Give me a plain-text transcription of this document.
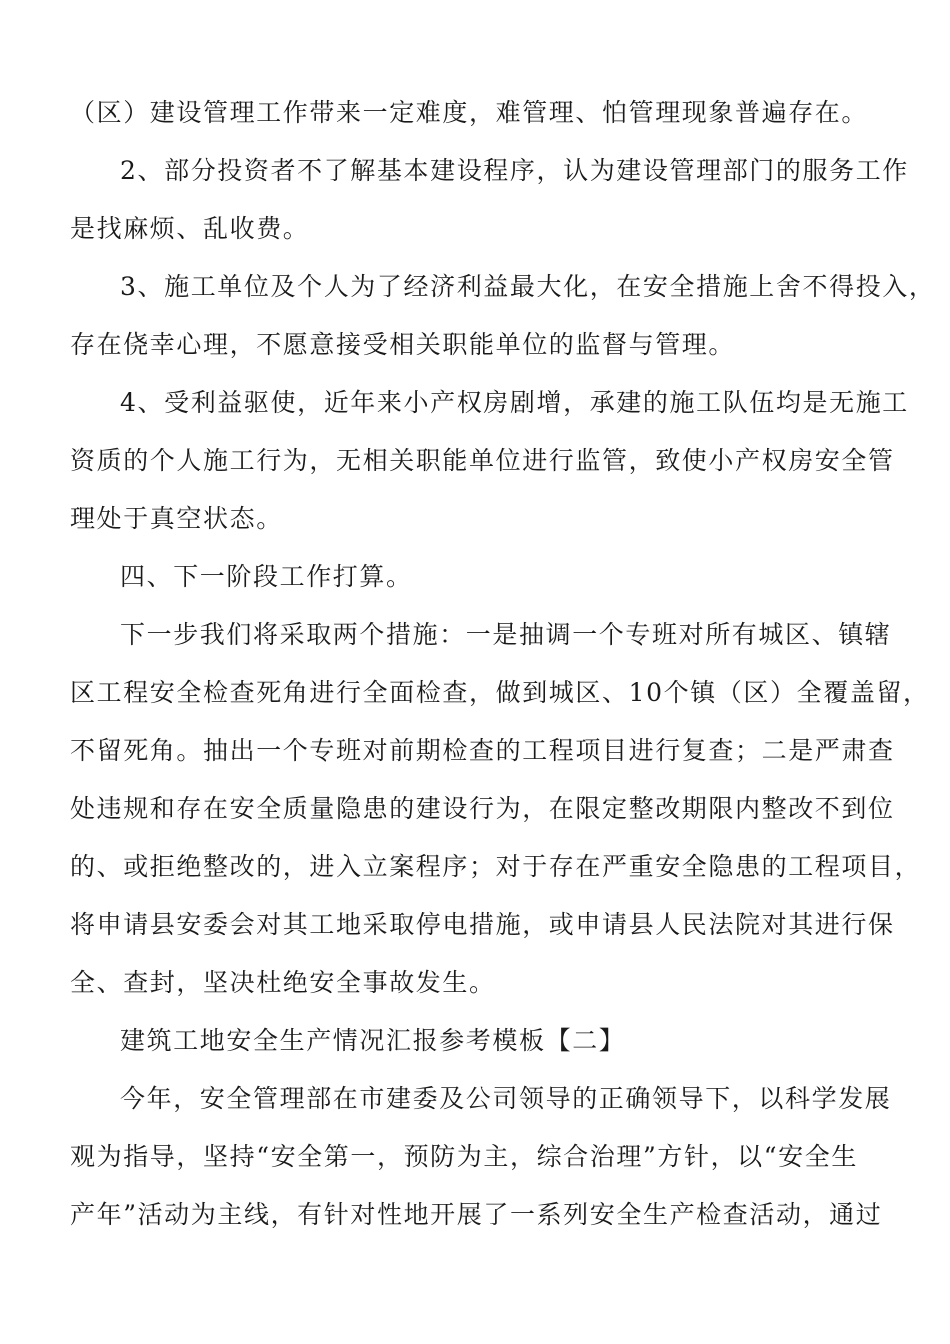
（区）建设管理工作带来一定难度，难管理、怕管理现象普遍存在。
2、部分投资者不了解基本建设程序，认为建设管理部门的服务工作
是找麻烦、乱收费。
3、施工单位及个人为了经济利益最大化，在安全措施上舍不得投入，
存在侥幸心理，不愿意接受相关职能单位的监督与管理。
4、受利益驱使，近年来小产权房剧增，承建的施工队伍均是无施工
资质的个人施工行为，无相关职能单位进行监管，致使小产权房安全管
理处于真空状态。
四、下一阶段工作打算。
下一步我们将采取两个措施：一是抽调一个专班对所有城区、镇辖
区工程安全检查死角进行全面检查，做到城区、10个镇（区）全覆盖留，
不留死角。抽出一个专班对前期检查的工程项目进行复查；二是严肃查
处违规和存在安全质量隐患的建设行为，在限定整改期限内整改不到位
的、或拒绝整改的，进入立案程序；对于存在严重安全隐患的工程项目，
将申请县安委会对其工地采取停电措施，或申请县人民法院对其进行保
全、查封，坚决杜绝安全事故发生。
建筑工地安全生产情况汇报参考模板【二】
今年，安全管理部在市建委及公司领导的正确领导下，以科学发展
观为指导，坚持“安全第一，预防为主，综合治理”方针，以“安全生
产年”活动为主线，有针对性地开展了一系列安全生产检查活动，通过
